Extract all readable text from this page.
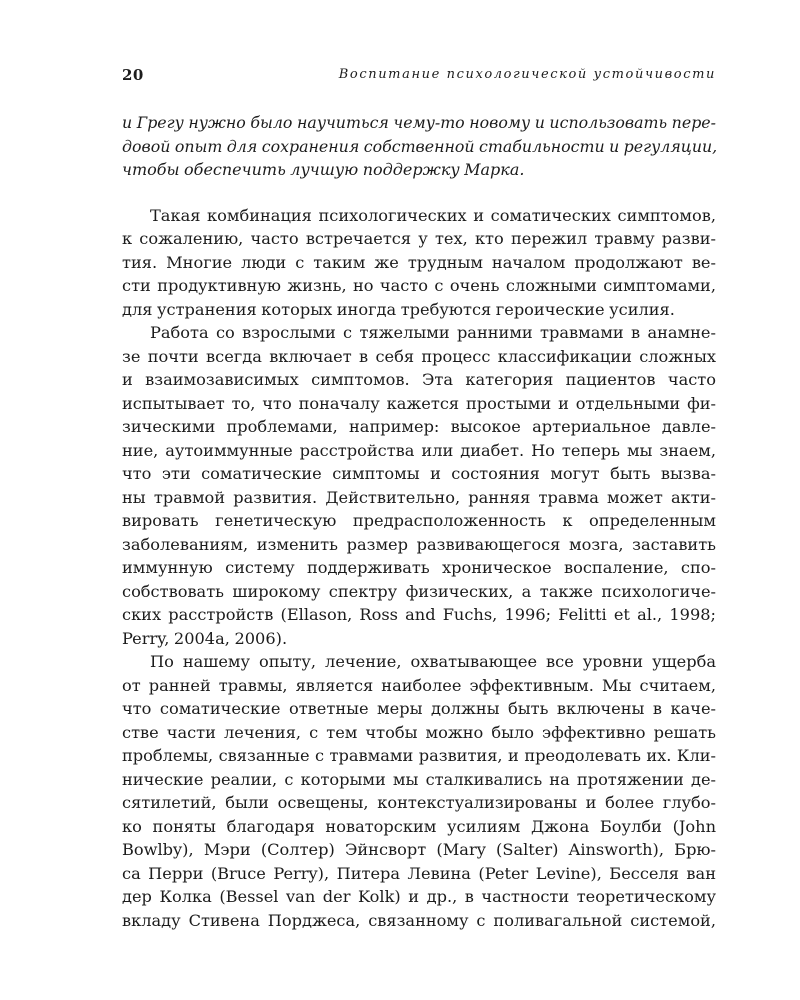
20	Воспитание психологической устойчивости
и Грегу нужно было научиться чему-то новому и использовать пере-
довой опыт для сохранения собственной стабильности и регуляции,
чтобы обеспечить лучшую поддержку Марка.
Такая комбинация психологических и соматических симптомов,
к сожалению, часто встречается у тех, кто пережил травму разви-
тия. Многие люди с таким же трудным началом продолжают ве-
сти продуктивную жизнь, но часто с очень сложными симптомами,
для устранения которых иногда требуются героические усилия.
Работа со взрослыми с тяжелыми ранними травмами в анамне-
зе почти всегда включает в себя процесс классификации сложных
и взаимозависимых симптомов. Эта категория пациентов часто
испытывает то, что поначалу кажется простыми и отдельными фи-
зическими проблемами, например: высокое артериальное давле-
ние, аутоиммунные расстройства или диабет. Но теперь мы знаем,
что эти соматические симптомы и состояния могут быть вызва-
ны травмой развития. Действительно, ранняя травма может акти-
вировать генетическую предрасположенность к определенным
заболеваниям, изменить размер развивающегося мозга, заставить
иммунную систему поддерживать хроническое воспаление, спо-
собствовать широкому спектру физических, а также психологиче-
ских расстройств (Ellason, Ross and Fuchs, 1996; Felitti et al., 1998;
Perry, 2004a, 2006).
По нашему опыту, лечение, охватывающее все уровни ущерба
от ранней травмы, является наиболее эффективным. Мы считаем,
что соматические ответные меры должны быть включены в каче-
стве части лечения, с тем чтобы можно было эффективно решать
проблемы, связанные с травмами развития, и преодолевать их. Кли-
нические реалии, с которыми мы сталкивались на протяжении де-
сятилетий, были освещены, контекстуализированы и более глубо-
ко поняты благодаря новаторским усилиям Джона Боулби (John
Bowlby), Мэри (Солтер) Эйнсворт (Mary (Salter) Ainsworth), Брю-
са Перри (Bruce Perry), Питера Левина (Peter Levine), Бесселя ван
дер Колка (Bessel van der Kolk) и др., в частности теоретическому
вкладу Стивена Порджеса, связанному с поливагальной системой,
